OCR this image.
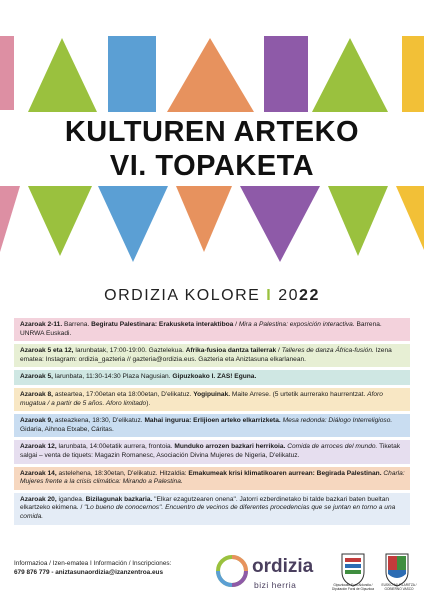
KULTUREN ARTEKO
VI. TOPAKETA
ORDIZIA KOLORE I 2022
Azaroak 2-11. Barrena. Begiratu Palestinara: Erakusketa interaktiboa / Mira a Palestina: exposición interactiva. Barrena. UNRWA Euskadi.
Azaroak 5 eta 12, larunbatak, 17:00-19:00. Gaztelekua. Afrika-fusioa dantza tailerrak / Talleres de danza África-fusión. Izena ematea: Instagram: ordizia_gazteria // gazteria@ordizia.eus. Gazteria eta Aniztasuna elkarlanean.
Azaroak 5, larunbata, 11:30-14:30 Plaza Nagusian. Gipuzkoako I. ZAS! Eguna.
Azaroak 8, asteartea, 17:00etan eta 18:00etan, D'elikatuz. Yogipuinak. Maite Arrese. (5 urtetik aurrerako haurrentzat. Aforo mugatua / a partir de 5 años. Aforo limitado).
Azaroak 9, asteazkena, 18:30, D'elikatuz. Mahai ingurua: Erlijioen arteko elkarrizketa. Mesa redonda: Diálogo Interreligioso. Gidaria, Aihnoa Etxabe, Cáritas.
Azaroak 12, larunbata, 14:00etatik aurrera, frontoia. Munduko arrozen bazkari herrikoia. Comida de arroces del mundo. Tiketak salgai – venta de tiquets: Magazin Romanesc, Asociación Divina Mujeres de Nigeria, D'elikatuz.
Azaroak 14, astelehena, 18:30etan, D'elikatuz. Hitzaldia: Emakumeak krisi klimatikoaren aurrean: Begirada Palestinan. Charla: Mujeres frente a la crisis climática: Mirando a Palestina.
Azaroak 20, igandea. Bizilagunak bazkaria. "Elkar ezagutzearen onena". Jatorri ezberdinetako bi talde bazkari baten bueltan elkartzeko ekimena. / "Lo bueno de conocernos". Encuentro de vecinos de diferentes procedencias que se juntan en torno a una comida.
Informazioa / Izen-ematea I Información / Inscripciones:
679 876 779 - aniztasunaordizia@izanzentroa.eus	ordizia
bizi herria	Gipuzkoako Foru Aldundia / Diputación Foral de Gipuzkoa
EUSKO JAURLARITZA / GOBIERNO VASCO
